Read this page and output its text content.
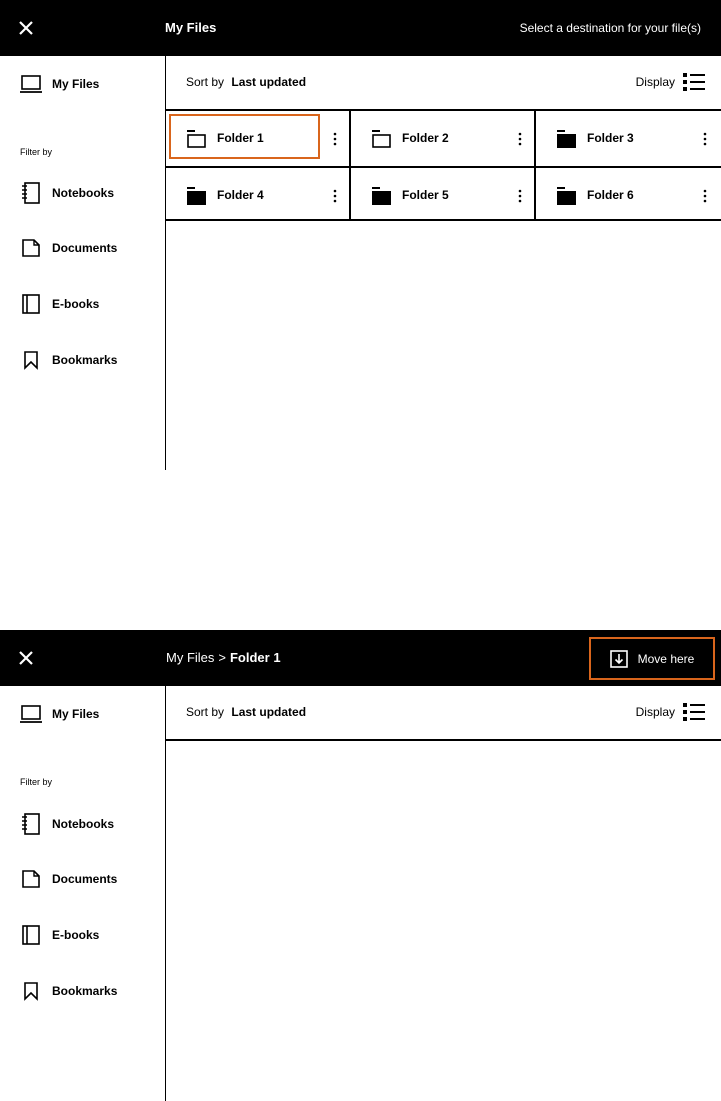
My Files	Select a destination for your file(s)
My Files
Filter by
Notebooks
Documents
E-books
Bookmarks
Sort by Last updated	Display
Folder 1	Folder 2	Folder 3
Folder 4	Folder 5	Folder 6
My Files > Folder 1	Move here
My Files
Filter by
Notebooks
Documents
E-books
Bookmarks
Sort by Last updated	Display
